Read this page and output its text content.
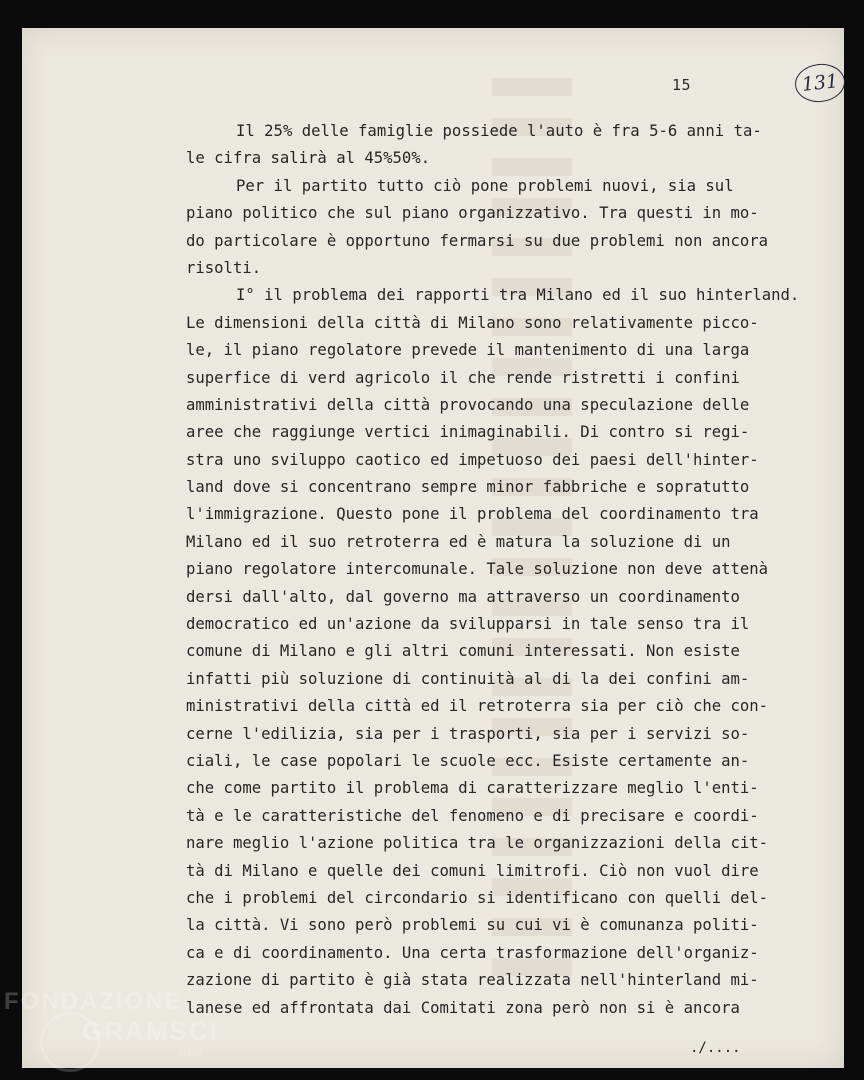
131
15
Il 25% delle famiglie possiede l'auto è fra 5-6 anni ta-
le cifra salirà al 45%50%.
Per il partito tutto ciò pone problemi nuovi, sia sul
piano politico che sul piano organizzativo. Tra questi in mo-
do particolare è opportuno fermarsi su due problemi non ancora
risolti.
I° il problema dei rapporti tra Milano ed il suo hinterland.
Le dimensioni della città di Milano sono relativamente picco-
le, il piano regolatore prevede il mantenimento di una larga
superfice di verd agricolo il che rende ristretti i confini
amministrativi della città provocando una speculazione delle
aree che raggiunge vertici inimaginabili. Di contro si regi-
stra uno sviluppo caotico ed impetuoso dei paesi dell'hinter-
land dove si concentrano sempre minor fabbriche e sopratutto
l'immigrazione. Questo pone il problema del coordinamento tra
Milano ed il suo retroterra ed è matura la soluzione di un
piano regolatore intercomunale. Tale soluzione non deve attenà
dersi dall'alto, dal governo ma attraverso un coordinamento
democratico ed un'azione da svilupparsi in tale senso tra il
comune di Milano e gli altri comuni interessati. Non esiste
infatti più soluzione di continuità al di la dei confini am-
ministrativi della città ed il retroterra sia per ciò che con-
cerne l'edilizia, sia per i trasporti, sia per i servizi so-
ciali, le case popolari le scuole ecc. Esiste certamente an-
che come partito il problema di caratterizzare meglio l'enti-
tà e le caratteristiche del fenomeno e di precisare e coordi-
nare meglio l'azione politica tra le organizzazioni della cit-
tà di Milano e quelle dei comuni limitrofi. Ciò non vuol dire
che i problemi del circondario si identificano con quelli del-
la città. Vi sono però problemi su cui vi è comunanza politi-
ca e di coordinamento. Una certa trasformazione dell'organiz-
zazione di partito è già stata realizzata nell'hinterland mi-
lanese ed affrontata dai Comitati zona però non si è ancora
./....
FONDAZIONE
GRAMSCI
onlus
